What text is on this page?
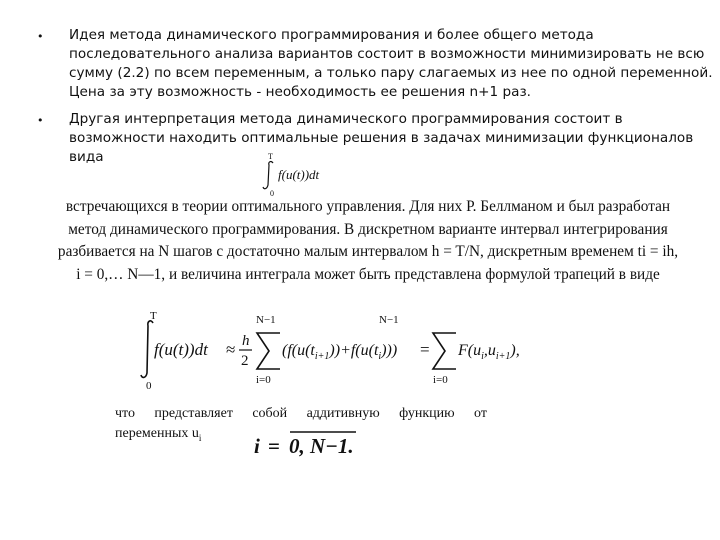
• Идея метода динамического программирования и более общего метода
последовательного анализа вариантов состоит в возможности минимизировать не всю
сумму (2.2) по всем переменным, а только пару слагаемых из нее по одной переменной.
Цена за эту возможность - необходимость ее решения n+1 раз.
• Другая интерпретация метода динамического программирования состоит в
возможности находить оптимальные решения в задачах минимизации функционалов
вида	T
0
f(u(t))dt
встречающихся в теории оптимального управления. Для них Р. Беллманом и был разработан
метод динамического программирования. В дискретном варианте интервал интегрирования
разбивается на N шагов с достаточно малым интервалом h = T/N, дискретным временем ti = ih,
i = 0,… N—1, и величина интеграла может быть представлена формулой трапеций в виде
T
0
f(u(t))dt ≈ h
2
N−1
i=0
$(f(u(t_{i+1}))+f(u(t_i)))$ =
N−1
i=0
$F(u_i,u_{i+1})$,
что представляет собой аддитивную функцию от
переменных $u_i$	i = 0, N−1.
